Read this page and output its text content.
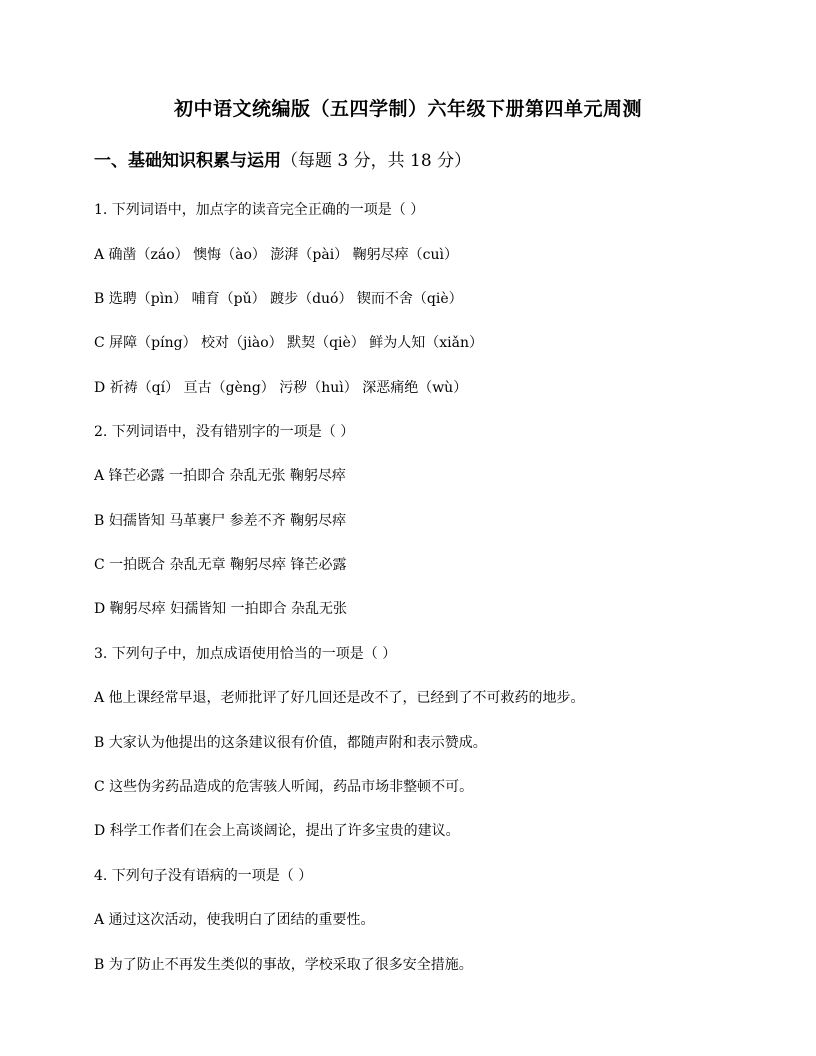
初中语文统编版（五四学制）六年级下册第四单元周测
一、基础知识积累与运用（每题 3 分，共 18 分）
1. 下列词语中，加点字的读音完全正确的一项是（ ）
A 确凿（záo） 懊悔（ào） 澎湃（pài） 鞠躬尽瘁（cuì）
B 选聘（pìn） 哺育（pǔ） 踱步（duó） 锲而不舍（qiè）
C 屏障（píng） 校对（jiào） 默契（qiè） 鲜为人知（xiǎn）
D 祈祷（qí） 亘古（gèng） 污秽（huì） 深恶痛绝（wù）
2. 下列词语中，没有错别字的一项是（ ）
A 锋芒必露 一拍即合 杂乱无张 鞠躬尽瘁
B 妇孺皆知 马革裹尸 参差不齐 鞠躬尽瘁
C 一拍既合 杂乱无章 鞠躬尽瘁 锋芒必露
D 鞠躬尽瘁 妇孺皆知 一拍即合 杂乱无张
3. 下列句子中，加点成语使用恰当的一项是（ ）
A 他上课经常早退，老师批评了好几回还是改不了，已经到了不可救药的地步。
B 大家认为他提出的这条建议很有价值，都随声附和表示赞成。
C 这些伪劣药品造成的危害骇人听闻，药品市场非整顿不可。
D 科学工作者们在会上高谈阔论，提出了许多宝贵的建议。
4. 下列句子没有语病的一项是（ ）
A 通过这次活动，使我明白了团结的重要性。
B 为了防止不再发生类似的事故，学校采取了很多安全措施。
